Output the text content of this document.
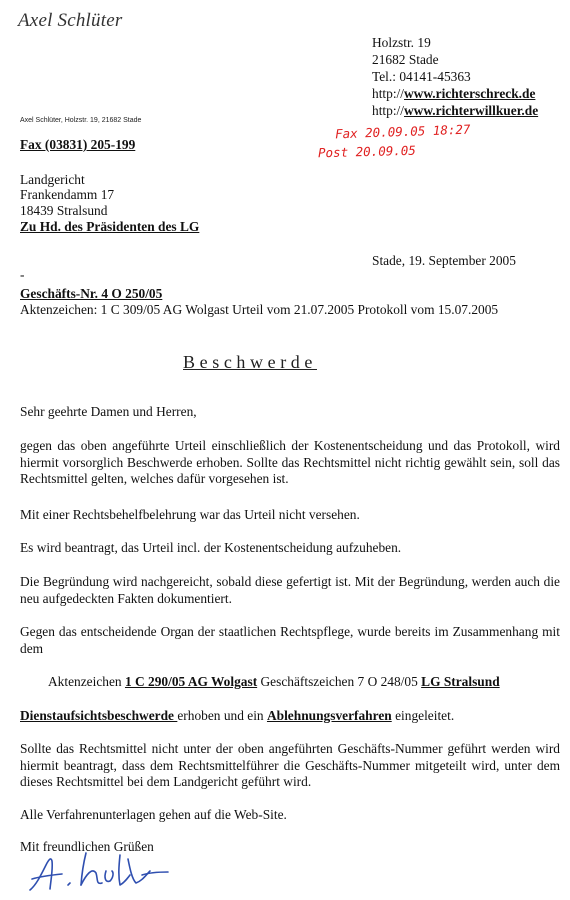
Axel Schlüter
Holzstr. 19
21682 Stade
Tel.: 04141-45363
http://www.richterschreck.de
http://www.richterwillkuer.de
Axel Schlüter, Holzstr. 19, 21682 Stade
Fax 20.09.05 18:27
Post 20.09.05
Fax (03831) 205-199
Landgericht
Frankendamm 17
18439 Stralsund
Zu Hd. des Präsidenten des LG
Stade, 19. September 2005
-
Geschäfts-Nr. 4 O 250/05
Aktenzeichen: 1 C 309/05 AG Wolgast Urteil vom 21.07.2005 Protokoll vom 15.07.2005
Beschwerde
Sehr geehrte Damen und Herren,
gegen das oben angeführte Urteil einschließlich der Kostenentscheidung und das Protokoll, wird hiermit vorsorglich Beschwerde erhoben. Sollte das Rechtsmittel nicht richtig gewählt sein, soll das Rechtsmittel gelten, welches dafür vorgesehen ist.
Mit einer Rechtsbehelfbelehrung war das Urteil nicht versehen.
Es wird beantragt, das Urteil incl. der Kostenentscheidung aufzuheben.
Die Begründung wird nachgereicht, sobald diese gefertigt ist. Mit der Begründung, werden auch die neu aufgedeckten Fakten dokumentiert.
Gegen das entscheidende Organ der staatlichen Rechtspflege, wurde bereits im Zusammenhang mit dem
Aktenzeichen 1 C 290/05 AG Wolgast Geschäftszeichen 7 O 248/05 LG Stralsund
Dienstaufsichtsbeschwerde erhoben und ein Ablehnungsverfahren eingeleitet.
Sollte das Rechtsmittel nicht unter der oben angeführten Geschäfts-Nummer geführt werden wird hiermit beantragt, dass dem Rechtsmittelführer die Geschäfts-Nummer mitgeteilt wird, unter dem dieses Rechtsmittel bei dem Landgericht geführt wird.
Alle Verfahrenunterlagen gehen auf die Web-Site.
Mit freundlichen Grüßen
